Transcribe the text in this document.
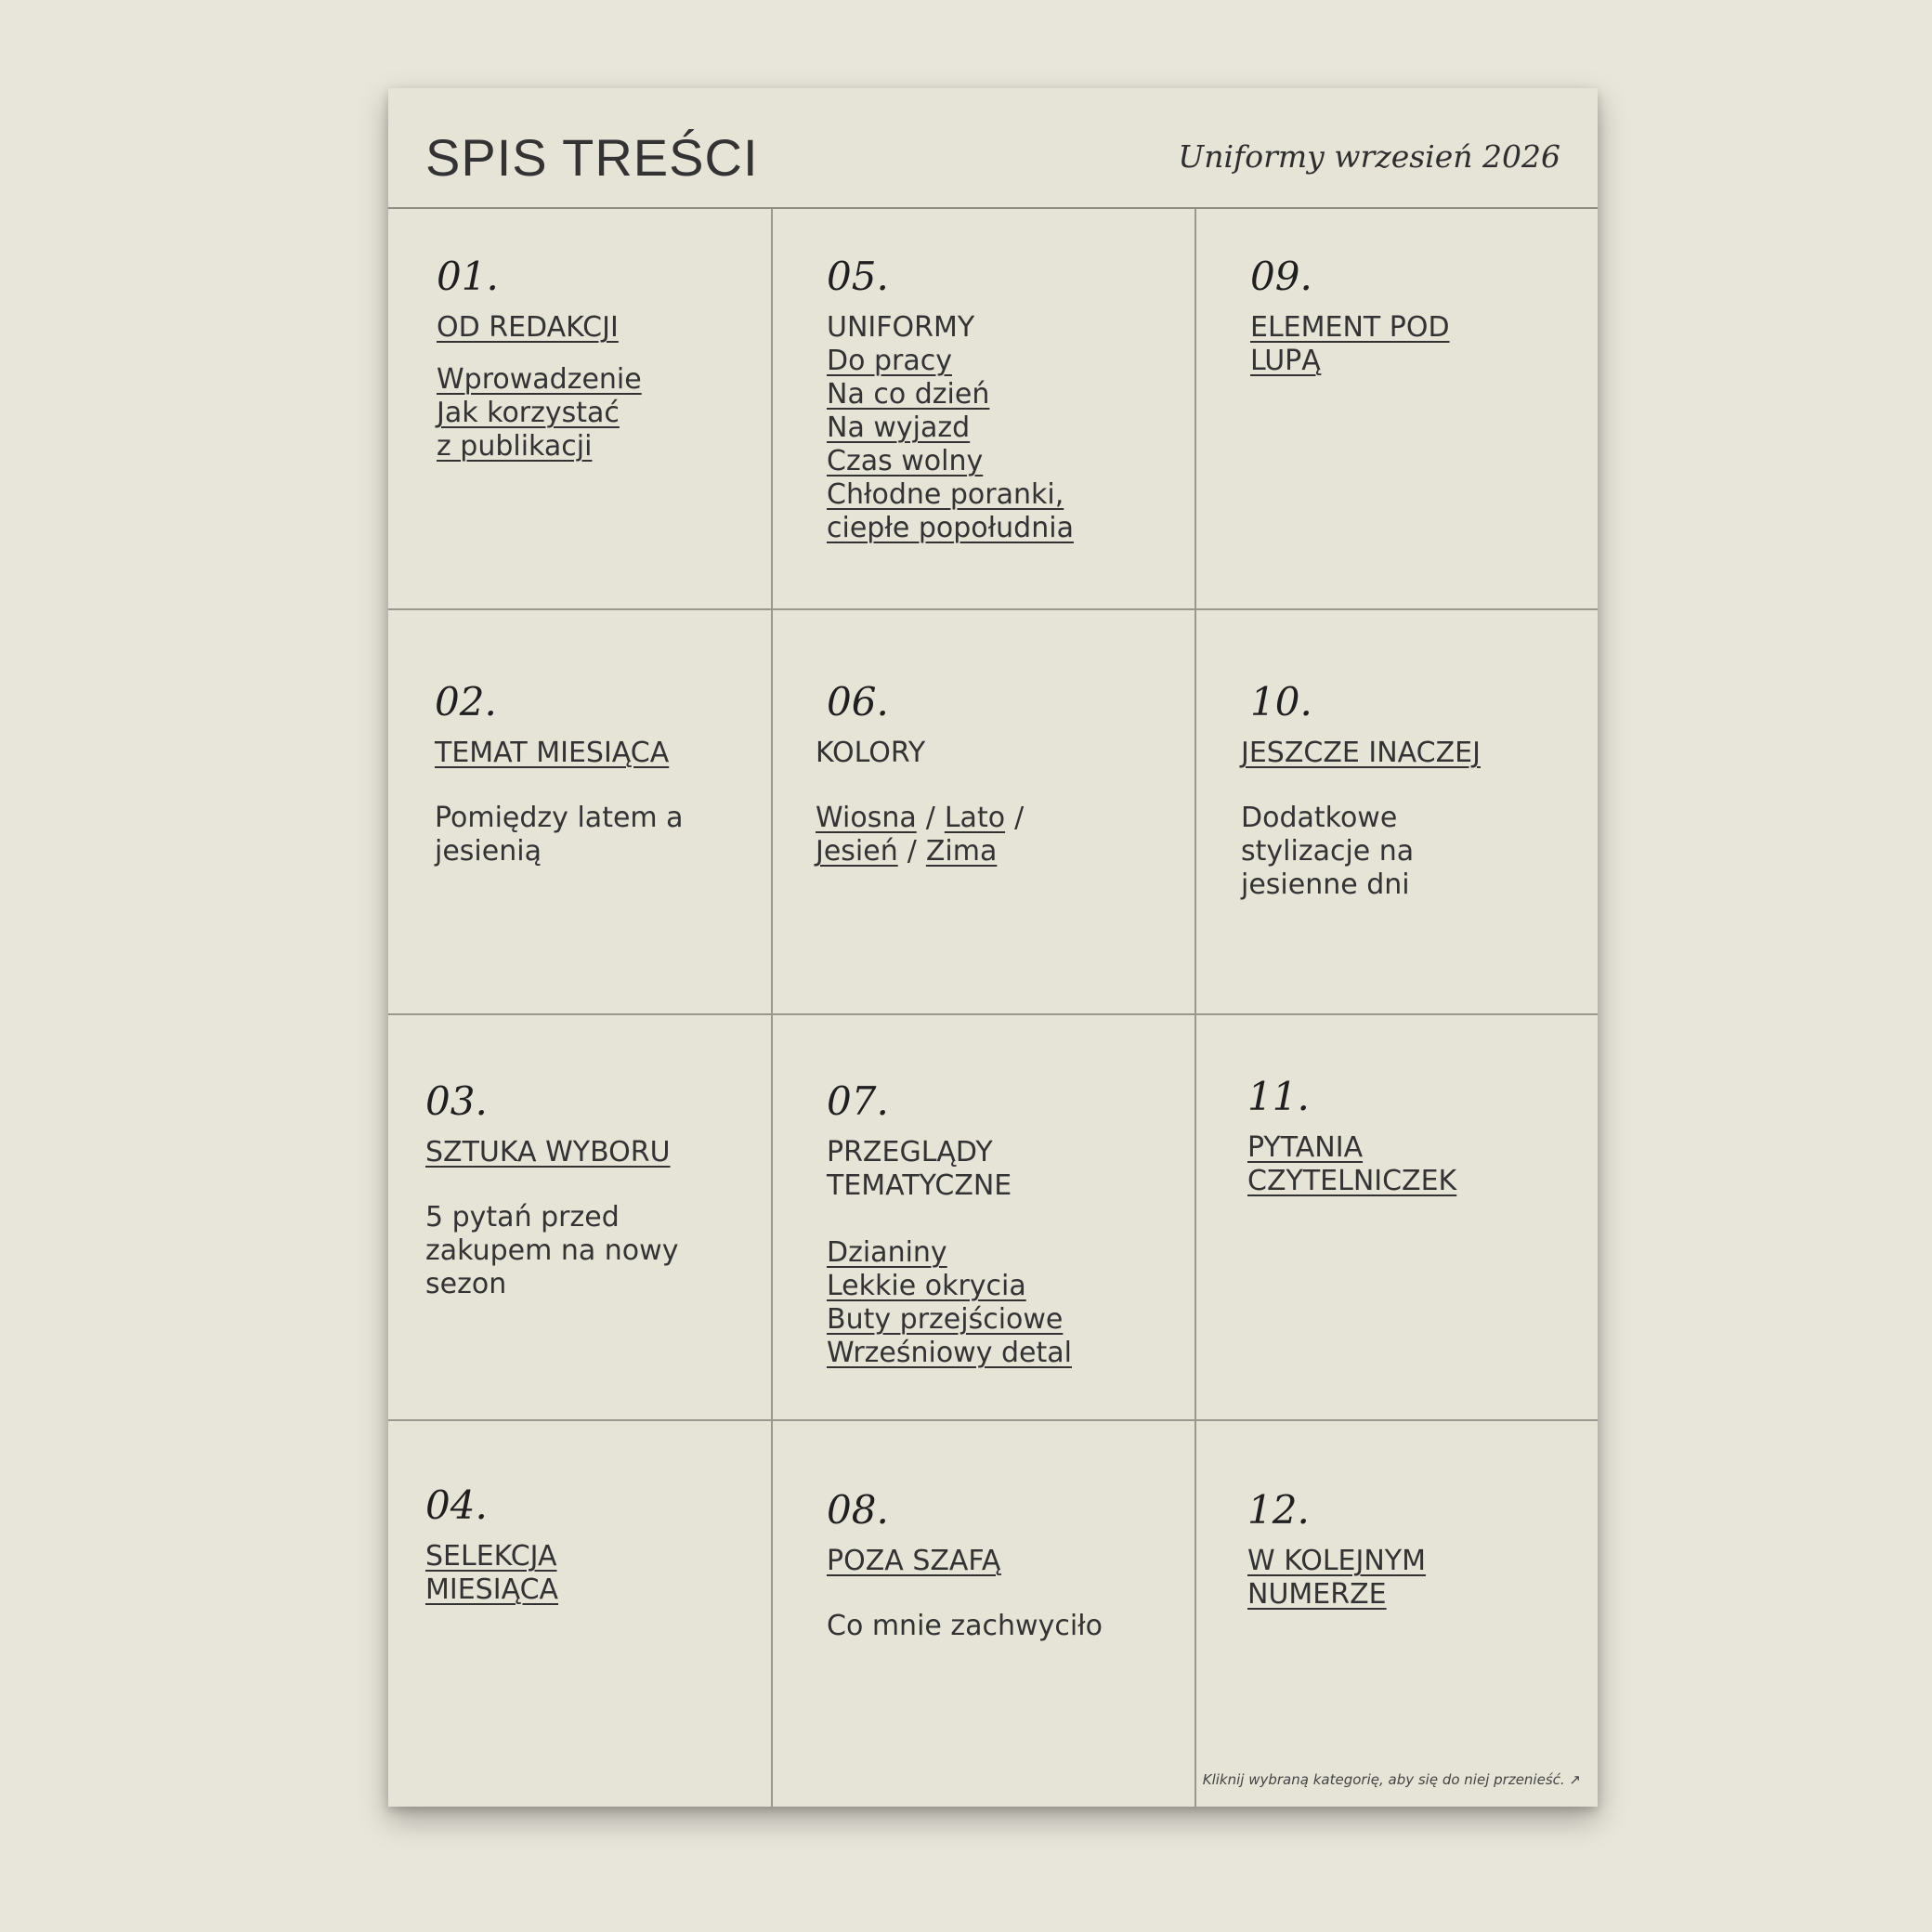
SPIS TREŚCI	Uniformy wrzesień 2026
01.
OD REDAKCJI
Wprowadzenie
Jak korzystać
z publikacji
02.
TEMAT MIESIĄCA
Pomiędzy latem a
jesienią
03.
SZTUKA WYBORU
5 pytań przed
zakupem na nowy
sezon
04.
SELEKCJA
MIESIĄCA
05.
UNIFORMY
Do pracy
Na co dzień
Na wyjazd
Czas wolny
Chłodne poranki,
ciepłe popołudnia
06.
KOLORY
Wiosna / Lato /
Jesień / Zima
07.
PRZEGLĄDY
TEMATYCZNE
Dzianiny
Lekkie okrycia
Buty przejściowe
Wrześniowy detal
08.
POZA SZAFĄ
Co mnie zachwyciło
09.
ELEMENT POD
LUPĄ
10.
JESZCZE INACZEJ
Dodatkowe
stylizacje na
jesienne dni
11.
PYTANIA
CZYTELNICZEK
12.
W KOLEJNYM
NUMERZE
Kliknij wybraną kategorię, aby się do niej przenieść. ↗
